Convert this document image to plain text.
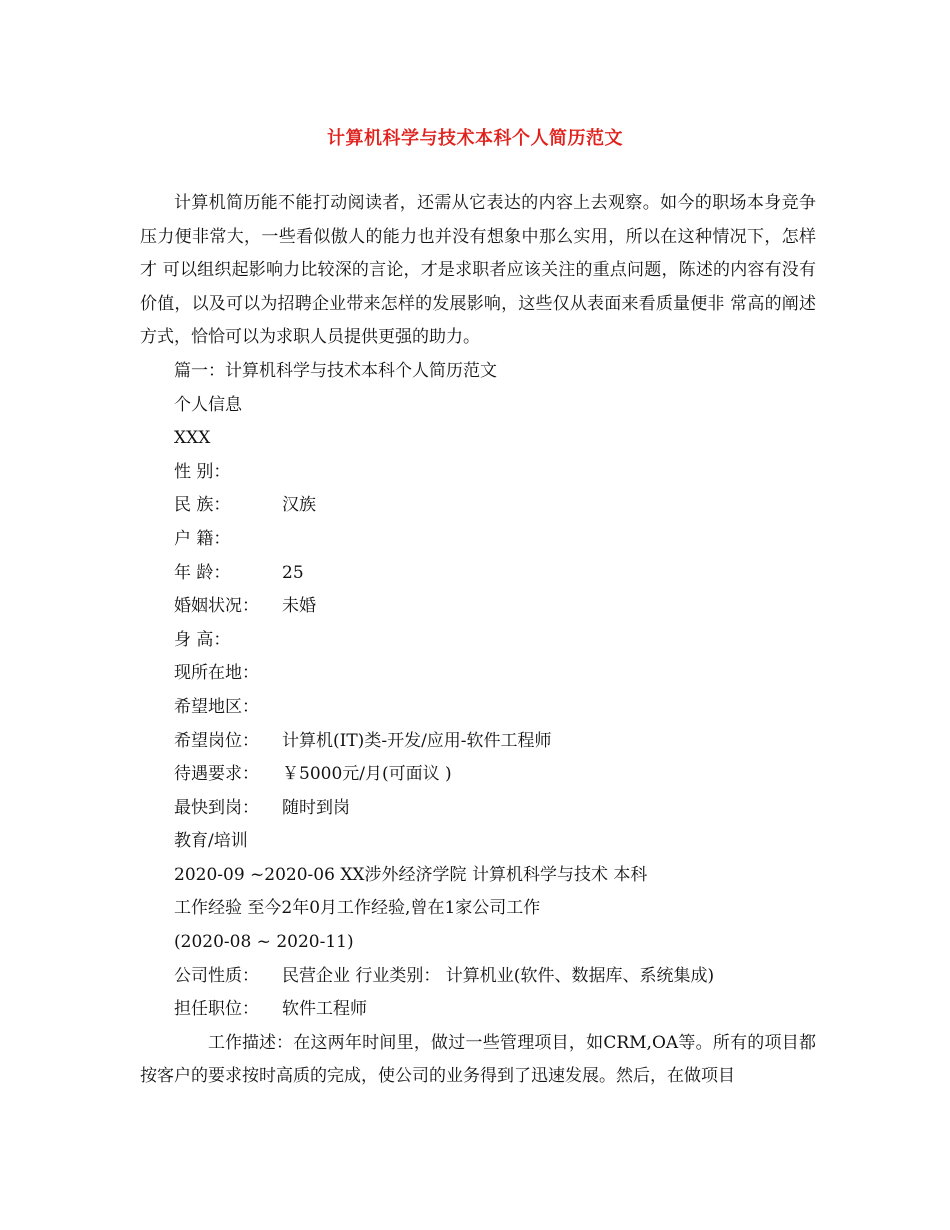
计算机科学与技术本科个人简历范文

计算机简历能不能打动阅读者，还需从它表达的内容上去观察。如今的职场本身竞争压力便非常大，一些看似傲人的能力也并没有想象中那么实用，所以在这种情况下，怎样才 可以组织起影响力比较深的言论，才是求职者应该关注的重点问题，陈述的内容有没有价值，以及可以为招聘企业带来怎样的发展影响，这些仅从表面来看质量便非 常高的阐述方式，恰恰可以为求职人员提供更强的助力。

篇一：计算机科学与技术本科个人简历范文

个人信息

XXX

性 别：

民 族：	汉族

户 籍：

年 龄：	25

婚姻状况： 未婚

身 高：

现所在地：

希望地区：

希望岗位： 计算机(IT)类-开发/应用-软件工程师

待遇要求： ￥5000元/月(可面议 )

最快到岗： 随时到岗

教育/培训

2020-09 ~2020-06 XX涉外经济学院 计算机科学与技术 本科

工作经验 至今2年0月工作经验,曾在1家公司工作

(2020-08 ~ 2020-11)

公司性质： 民营企业 行业类别： 计算机业(软件、数据库、系统集成)

担任职位： 软件工程师

工作描述：在这两年时间里，做过一些管理项目，如CRM,OA等。所有的项目都按客户的要求按时高质的完成，使公司的业务得到了迅速发展。然后，在做项目
